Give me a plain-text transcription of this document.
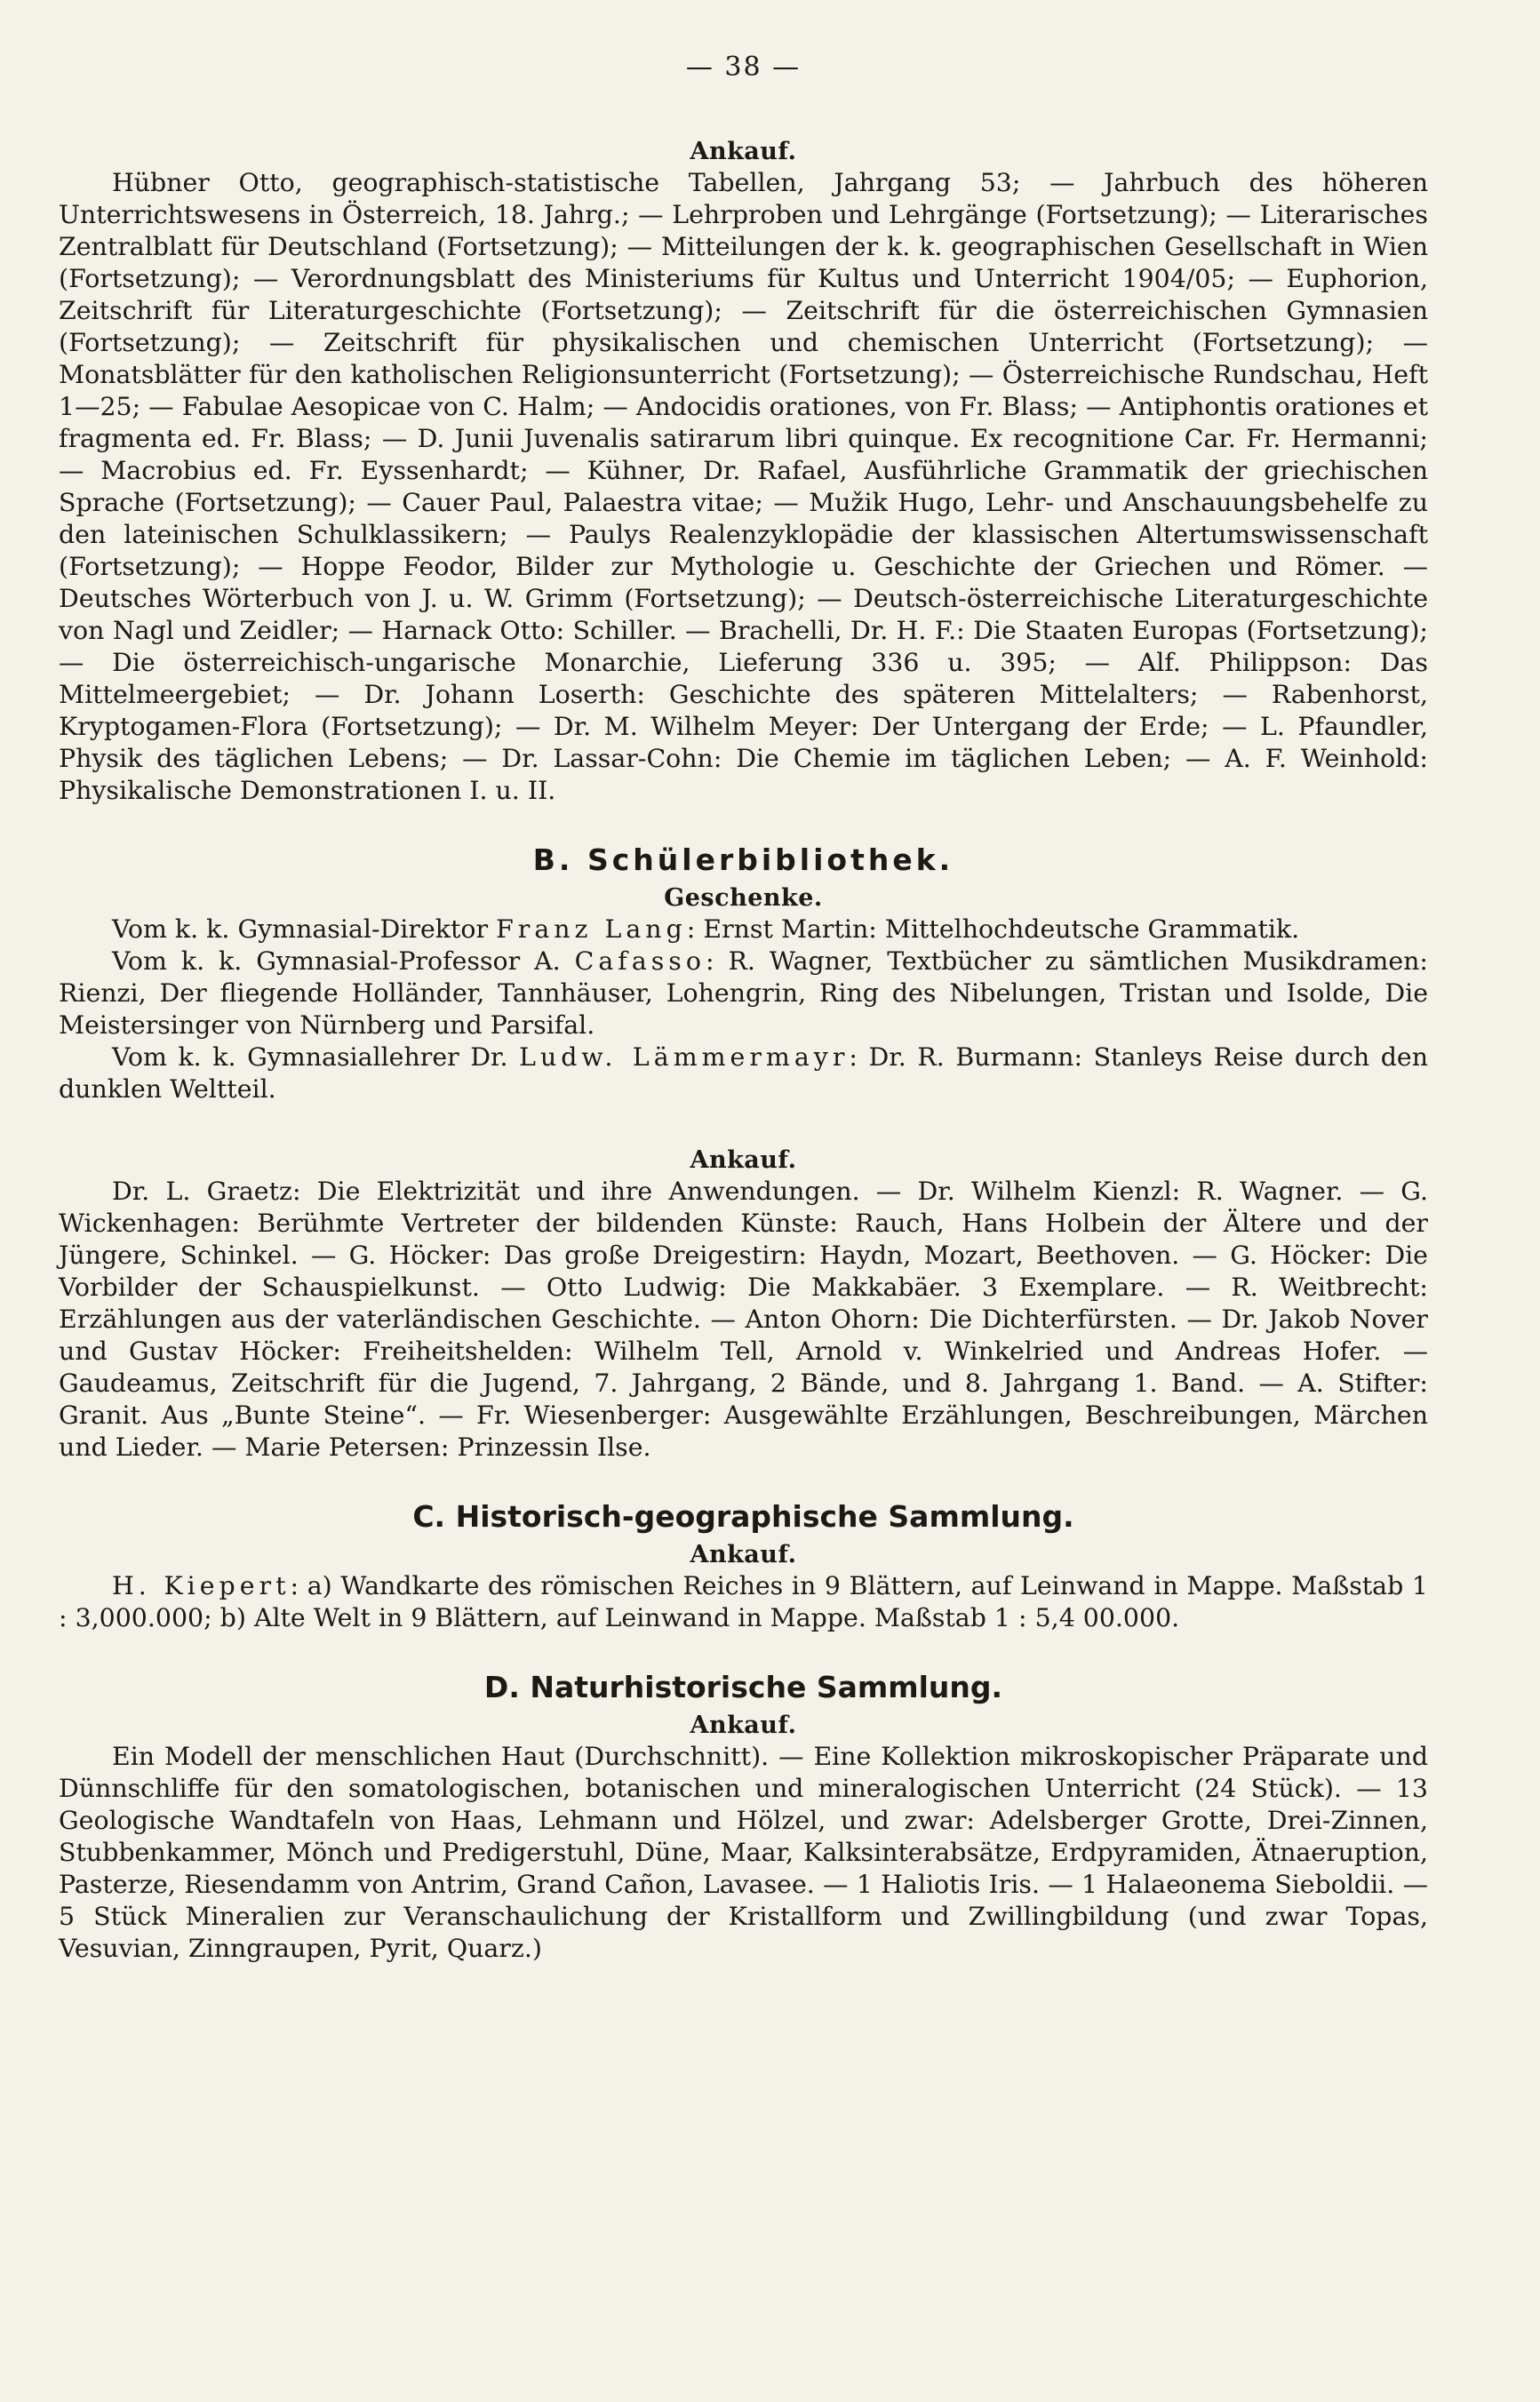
— 38 —
Ankauf.

Hübner Otto, geographisch-statistische Tabellen, Jahrgang 53; — Jahrbuch des höheren Unterrichtswesens in Österreich, 18. Jahrg.; — Lehrproben und Lehrgänge (Fortsetzung); — Literarisches Zentralblatt für Deutschland (Fortsetzung); — Mitteilungen der k. k. geographischen Gesellschaft in Wien (Fortsetzung); — Verordnungsblatt des Ministeriums für Kultus und Unterricht 1904/05; — Euphorion, Zeitschrift für Literaturgeschichte (Fortsetzung); — Zeitschrift für die österreichischen Gymnasien (Fortsetzung); — Zeitschrift für physikalischen und chemischen Unterricht (Fortsetzung); — Monatsblätter für den katholischen Religionsunterricht (Fortsetzung); — Österreichische Rundschau, Heft 1—25; — Fabulae Aesopicae von C. Halm; — Andocidis orationes, von Fr. Blass; — Antiphontis orationes et fragmenta ed. Fr. Blass; — D. Junii Juvenalis satirarum libri quinque. Ex recognitione Car. Fr. Hermanni; — Macrobius ed. Fr. Eyssenhardt; — Kühner, Dr. Rafael, Ausführliche Grammatik der griechischen Sprache (Fortsetzung); — Cauer Paul, Palaestra vitae; — Mužik Hugo, Lehr- und Anschauungsbehelfe zu den lateinischen Schulklassikern; — Paulys Realenzyklopädie der klassischen Altertumswissenschaft (Fortsetzung); — Hoppe Feodor, Bilder zur Mythologie u. Geschichte der Griechen und Römer. — Deutsches Wörterbuch von J. u. W. Grimm (Fortsetzung); — Deutsch-österreichische Literaturgeschichte von Nagl und Zeidler; — Harnack Otto: Schiller. — Brachelli, Dr. H. F.: Die Staaten Europas (Fortsetzung); — Die österreichisch-ungarische Monarchie, Lieferung 336 u. 395; — Alf. Philippson: Das Mittelmeergebiet; — Dr. Johann Loserth: Geschichte des späteren Mittelalters; — Rabenhorst, Kryptogamen-Flora (Fortsetzung); — Dr. M. Wilhelm Meyer: Der Untergang der Erde; — L. Pfaundler, Physik des täglichen Lebens; — Dr. Lassar-Cohn: Die Chemie im täglichen Leben; — A. F. Weinhold: Physikalische Demonstrationen I. u. II.

B. Schülerbibliothek.
Geschenke.

Vom k. k. Gymnasial-Direktor Franz Lang: Ernst Martin: Mittelhochdeutsche Grammatik.

Vom k. k. Gymnasial-Professor A. Cafasso: R. Wagner, Textbücher zu sämtlichen Musikdramen: Rienzi, Der fliegende Holländer, Tannhäuser, Lohengrin, Ring des Nibelungen, Tristan und Isolde, Die Meistersinger von Nürnberg und Parsifal.

Vom k. k. Gymnasiallehrer Dr. Ludw. Lämmermayr: Dr. R. Burmann: Stanleys Reise durch den dunklen Weltteil.

Ankauf.

Dr. L. Graetz: Die Elektrizität und ihre Anwendungen. — Dr. Wilhelm Kienzl: R. Wagner. — G. Wickenhagen: Berühmte Vertreter der bildenden Künste: Rauch, Hans Holbein der Ältere und der Jüngere, Schinkel. — G. Höcker: Das große Dreigestirn: Haydn, Mozart, Beethoven. — G. Höcker: Die Vorbilder der Schauspielkunst. — Otto Ludwig: Die Makkabäer. 3 Exemplare. — R. Weitbrecht: Erzählungen aus der vaterländischen Geschichte. — Anton Ohorn: Die Dichterfürsten. — Dr. Jakob Nover und Gustav Höcker: Freiheitshelden: Wilhelm Tell, Arnold v. Winkelried und Andreas Hofer. — Gaudeamus, Zeitschrift für die Jugend, 7. Jahrgang, 2 Bände, und 8. Jahrgang 1. Band. — A. Stifter: Granit. Aus „Bunte Steine“. — Fr. Wiesenberger: Ausgewählte Erzählungen, Beschreibungen, Märchen und Lieder. — Marie Petersen: Prinzessin Ilse.

C. Historisch-geographische Sammlung.
Ankauf.

H. Kiepert: a) Wandkarte des römischen Reiches in 9 Blättern, auf Leinwand in Mappe. Maßstab 1 : 3,000.000; b) Alte Welt in 9 Blättern, auf Leinwand in Mappe. Maßstab 1 : 5,4 00.000.

D. Naturhistorische Sammlung.
Ankauf.

Ein Modell der menschlichen Haut (Durchschnitt). — Eine Kollektion mikroskopischer Präparate und Dünnschliffe für den somatologischen, botanischen und mineralogischen Unterricht (24 Stück). — 13 Geologische Wandtafeln von Haas, Lehmann und Hölzel, und zwar: Adelsberger Grotte, Drei-Zinnen, Stubbenkammer, Mönch und Predigerstuhl, Düne, Maar, Kalksinterabsätze, Erdpyramiden, Ätnaeruption, Pasterze, Riesendamm von Antrim, Grand Cañon, Lavasee. — 1 Haliotis Iris. — 1 Halaeonema Sieboldii. — 5 Stück Mineralien zur Veranschaulichung der Kristallform und Zwillingbildung (und zwar Topas, Vesuvian, Zinngraupen, Pyrit, Quarz.)
